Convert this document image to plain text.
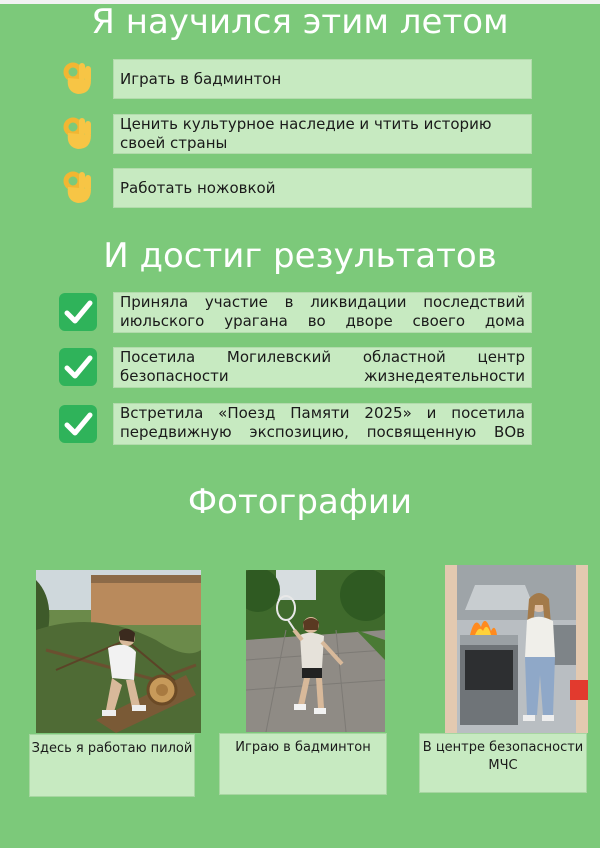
Я научился этим летом
Играть в бадминтон
Ценить культурное наследие и чтить историю своей страны
Работать ножовкой
И достиг результатов
Приняла участие в ликвидации последствий июльского урагана во дворе своего дома
Посетила Могилевский областной центр безопасности жизнедеятельности
Встретила «Поезд Памяти 2025» и посетила передвижную экспозицию, посвященную ВОв
Фотографии
Здесь я работаю пилой	Играю в бадминтон	В центре безопасности МЧС
